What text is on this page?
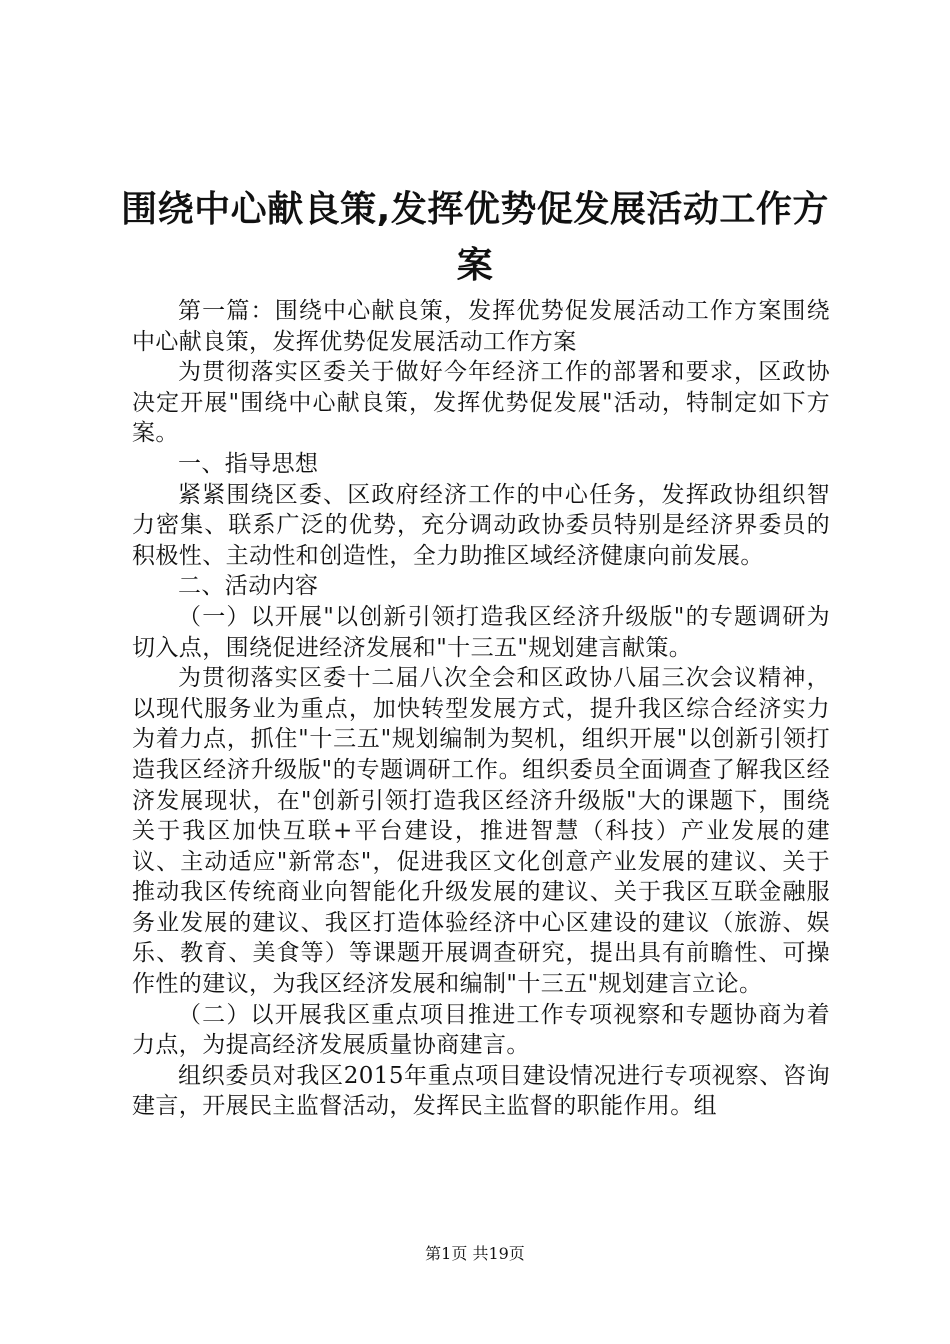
围绕中心献良策,发挥优势促发展活动工作方案

第一篇：围绕中心献良策，发挥优势促发展活动工作方案围绕中心献良策，发挥优势促发展活动工作方案

为贯彻落实区委关于做好今年经济工作的部署和要求，区政协决定开展"围绕中心献良策，发挥优势促发展"活动，特制定如下方案。

一、指导思想

紧紧围绕区委、区政府经济工作的中心任务，发挥政协组织智力密集、联系广泛的优势，充分调动政协委员特别是经济界委员的积极性、主动性和创造性，全力助推区域经济健康向前发展。

二、活动内容

（一）以开展"以创新引领打造我区经济升级版"的专题调研为切入点，围绕促进经济发展和"十三五"规划建言献策。

为贯彻落实区委十二届八次全会和区政协八届三次会议精神，以现代服务业为重点，加快转型发展方式，提升我区综合经济实力为着力点，抓住"十三五"规划编制为契机，组织开展"以创新引领打造我区经济升级版"的专题调研工作。组织委员全面调查了解我区经济发展现状，在"创新引领打造我区经济升级版"大的课题下，围绕关于我区加快互联+平台建设，推进智慧（科技）产业发展的建议、主动适应"新常态"，促进我区文化创意产业发展的建议、关于推动我区传统商业向智能化升级发展的建议、关于我区互联金融服务业发展的建议、我区打造体验经济中心区建设的建议（旅游、娱乐、教育、美食等）等课题开展调查研究，提出具有前瞻性、可操作性的建议，为我区经济发展和编制"十三五"规划建言立论。

（二）以开展我区重点项目推进工作专项视察和专题协商为着力点，为提高经济发展质量协商建言。

组织委员对我区2015年重点项目建设情况进行专项视察、咨询建言，开展民主监督活动，发挥民主监督的职能作用。组

第1页 共19页
